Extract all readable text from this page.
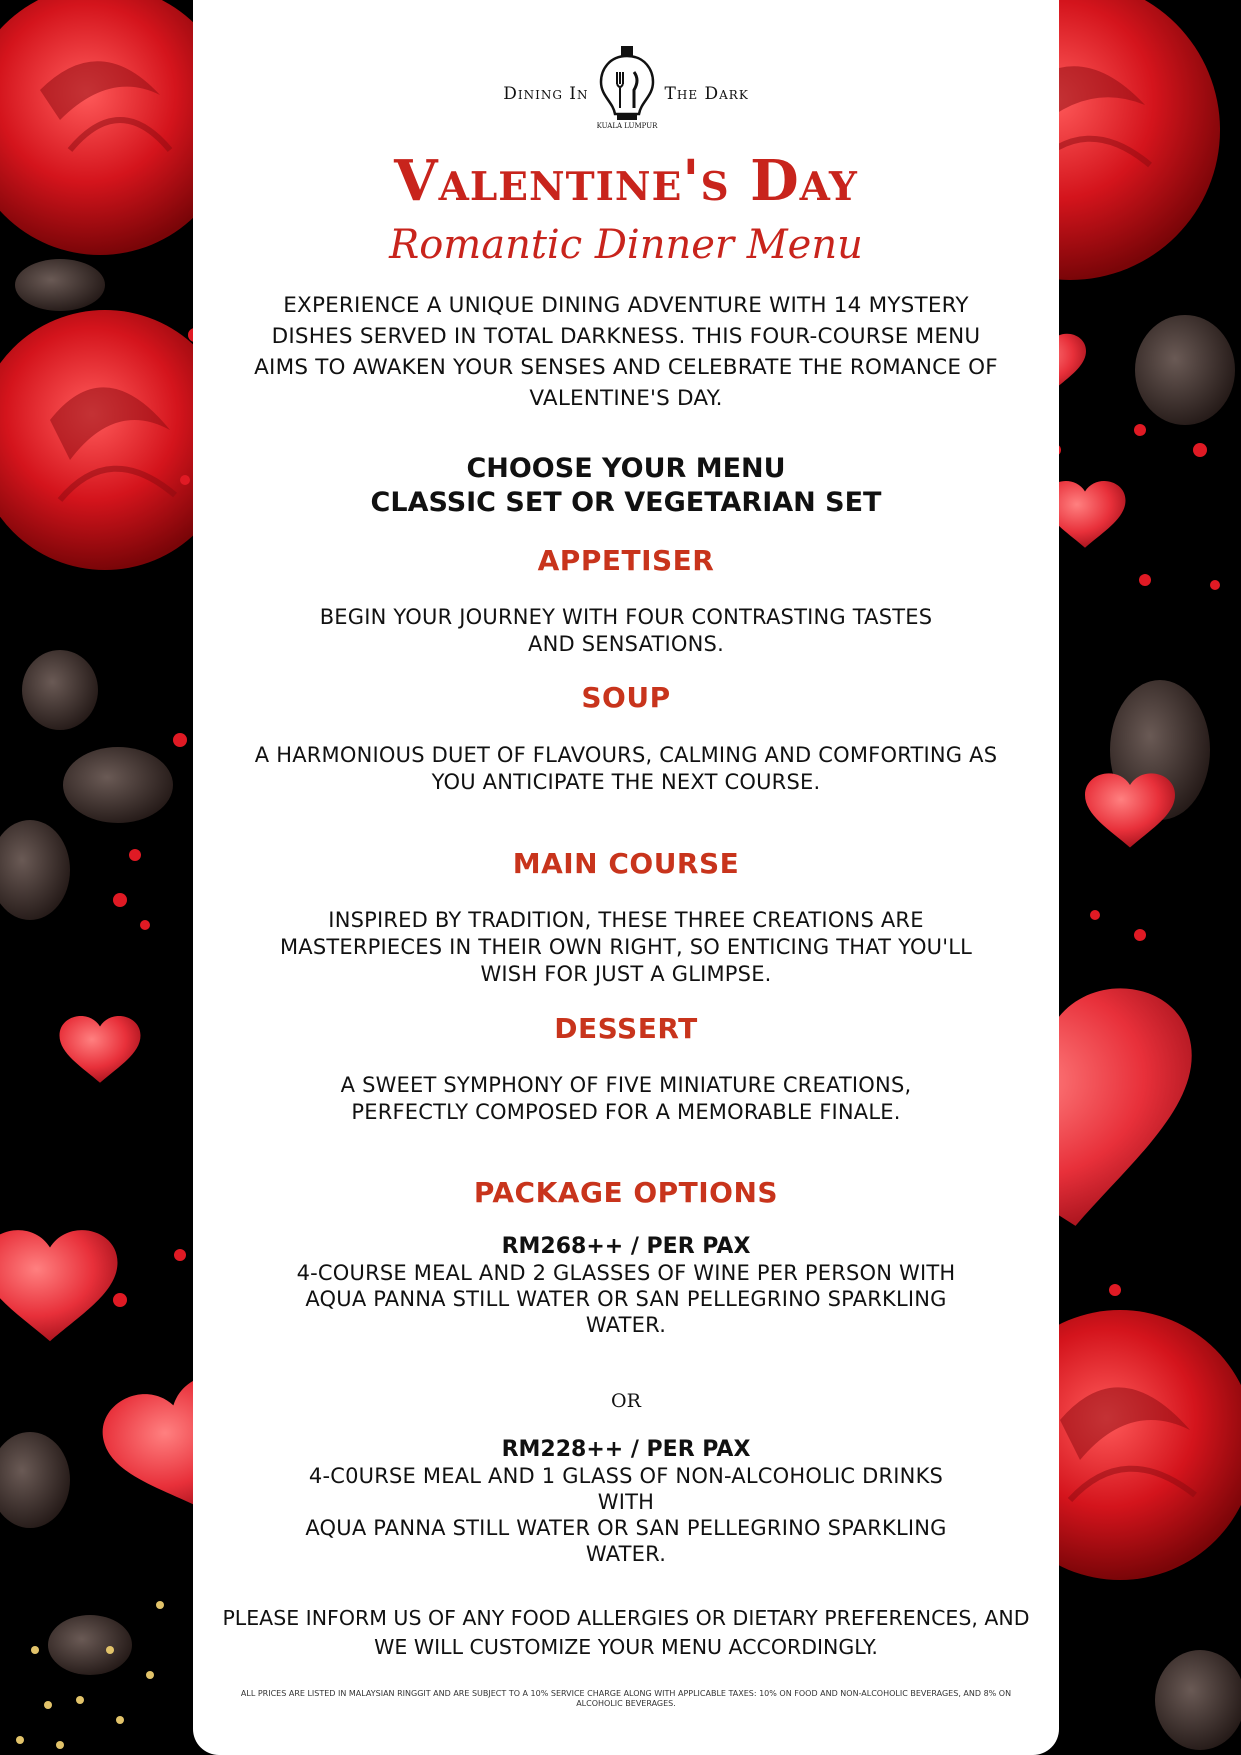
Dining In
KUALA LUMPUR
The Dark
Valentine's Day
Romantic Dinner Menu
EXPERIENCE A UNIQUE DINING ADVENTURE WITH 14 MYSTERY DISHES SERVED IN TOTAL DARKNESS. THIS FOUR-COURSE MENU AIMS TO AWAKEN YOUR SENSES AND CELEBRATE THE ROMANCE OF VALENTINE'S DAY.
CHOOSE YOUR MENU
CLASSIC SET OR VEGETARIAN SET
APPETISER
BEGIN YOUR JOURNEY WITH FOUR CONTRASTING TASTES AND SENSATIONS.
SOUP
A HARMONIOUS DUET OF FLAVOURS, CALMING AND COMFORTING AS YOU ANTICIPATE THE NEXT COURSE.
MAIN COURSE
INSPIRED BY TRADITION, THESE THREE CREATIONS ARE MASTERPIECES IN THEIR OWN RIGHT, SO ENTICING THAT YOU'LL WISH FOR JUST A GLIMPSE.
DESSERT
A SWEET SYMPHONY OF FIVE MINIATURE CREATIONS, PERFECTLY COMPOSED FOR A MEMORABLE FINALE.
PACKAGE OPTIONS
RM268++ / PER PAX
4-COURSE MEAL AND 2 GLASSES OF WINE PER PERSON WITH
AQUA PANNA STILL WATER OR SAN PELLEGRINO SPARKLING WATER.
OR
RM228++ / PER PAX
4-C0URSE MEAL AND 1 GLASS OF NON-ALCOHOLIC DRINKS WITH
AQUA PANNA STILL WATER OR SAN PELLEGRINO SPARKLING WATER.
PLEASE INFORM US OF ANY FOOD ALLERGIES OR DIETARY PREFERENCES, AND WE WILL CUSTOMIZE YOUR MENU ACCORDINGLY.
ALL PRICES ARE LISTED IN MALAYSIAN RINGGIT AND ARE SUBJECT TO A 10% SERVICE CHARGE ALONG WITH APPLICABLE TAXES: 10% ON FOOD AND NON-ALCOHOLIC BEVERAGES, AND 8% ON ALCOHOLIC BEVERAGES.
